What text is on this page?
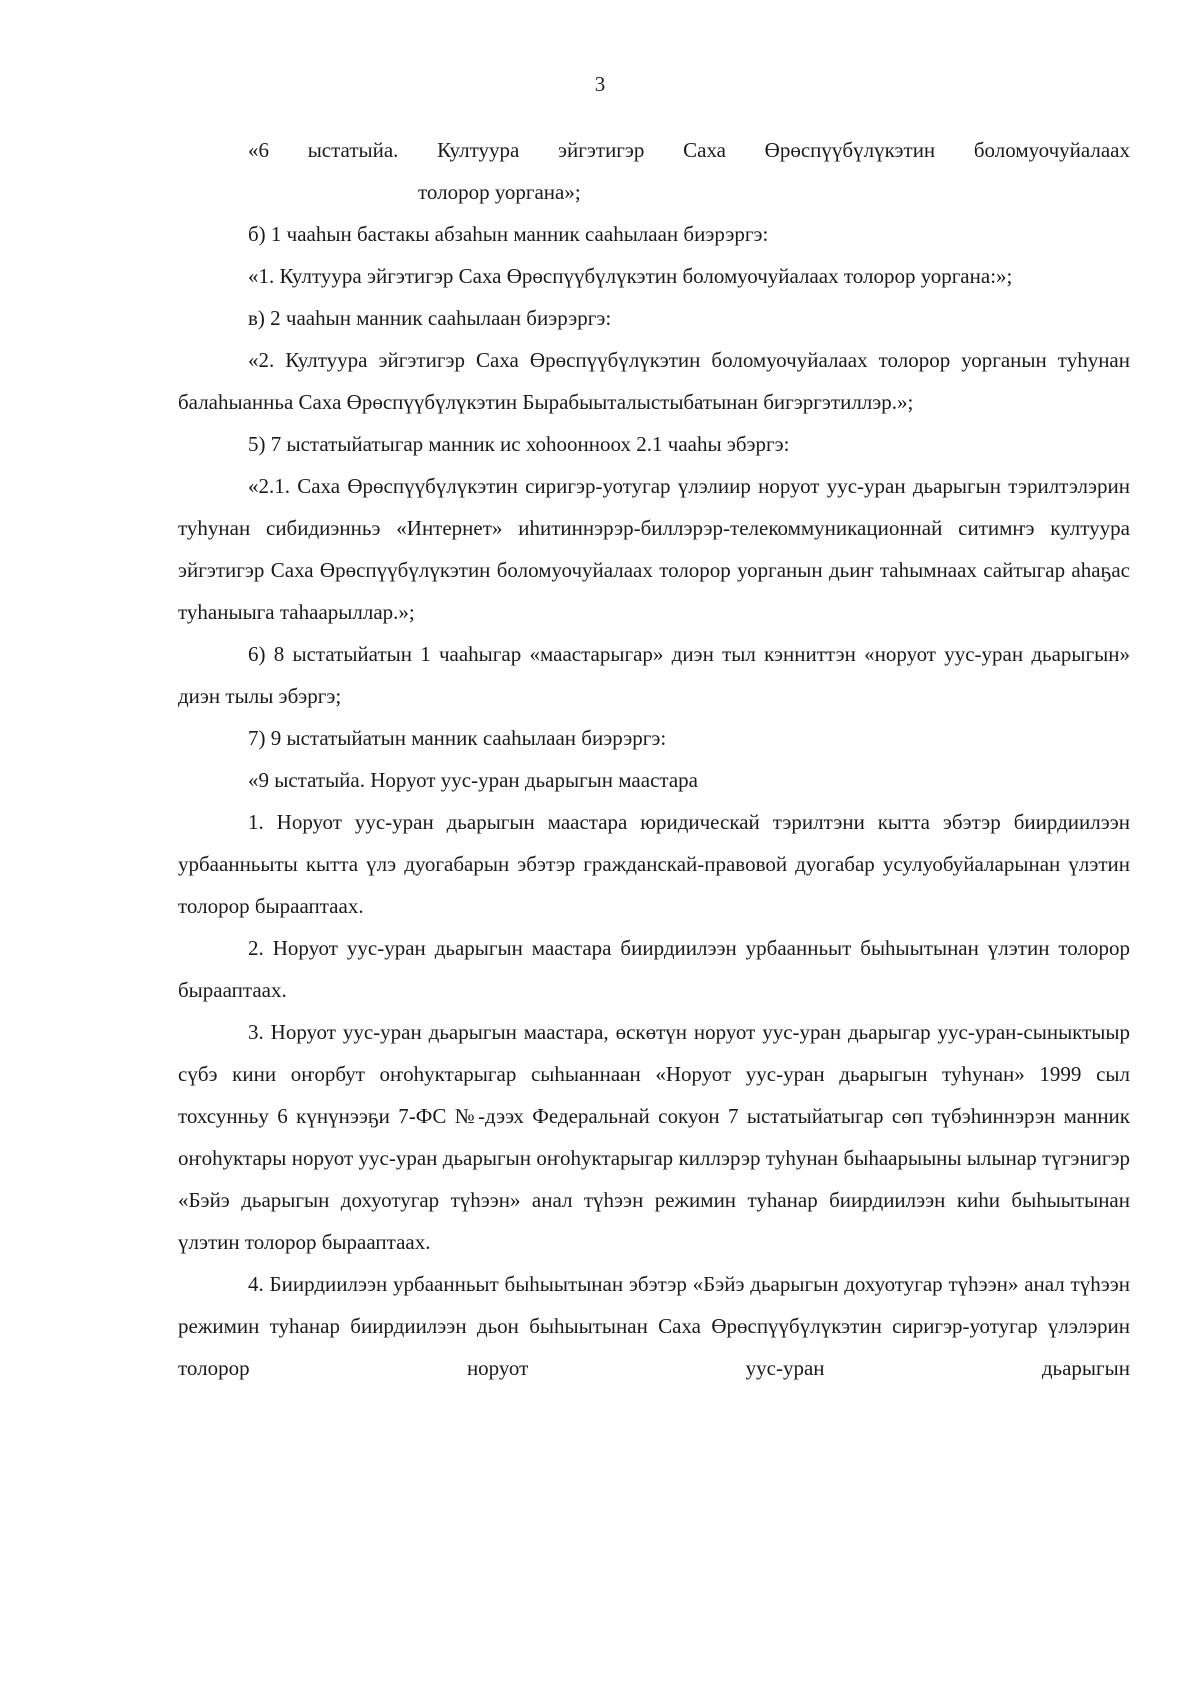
3

«6 ыстатыйа. Култуура эйгэтигэр Саха Өрөспүүбүлүкэтин боломуочуйалаах

толорор уоргана»;

б) 1 чааһын бастакы абзаһын манник сааһылаан биэрэргэ:

«1. Култуура эйгэтигэр Саха Өрөспүүбүлүкэтин боломуочуйалаах толорор уоргана:»;

в) 2 чааһын манник сааһылаан биэрэргэ:

«2. Култуура эйгэтигэр Саха Өрөспүүбүлүкэтин боломуочуйалаах толорор уорганын туһунан балаһыанньа Саха Өрөспүүбүлүкэтин Бырабыыталыстыбатынан бигэргэтиллэр.»;

5) 7 ыстатыйатыгар манник ис хоһоонноох 2.1 чааһы эбэргэ:

«2.1. Саха Өрөспүүбүлүкэтин сиригэр-уотугар үлэлиир норуот уус-уран дьарыгын тэрилтэлэрин туһунан сибидиэнньэ «Интернет» иһитиннэрэр-биллэрэр-телекоммуникационнай ситимҥэ култуура эйгэтигэр Саха Өрөспүүбүлүкэтин боломуочуйалаах толорор уорганын дьиҥ таһымнаах сайтыгар аһаҕас туһаныыга таһаарыллар.»;

6) 8 ыстатыйатын 1 чааһыгар «маастарыгар» диэн тыл кэнниттэн «норуот уус-уран дьарыгын» диэн тылы эбэргэ;

7) 9 ыстатыйатын манник сааһылаан биэрэргэ:

«9 ыстатыйа. Норуот уус-уран дьарыгын маастара

1. Норуот уус-уран дьарыгын маастара юридическай тэрилтэни кытта эбэтэр биирдиилээн урбаанньыты кытта үлэ дуогабарын эбэтэр гражданскай-правовой дуогабар усулуобуйаларынан үлэтин толорор бырааптаах.

2. Норуот уус-уран дьарыгын маастара биирдиилээн урбаанньыт быһыытынан үлэтин толорор бырааптаах.

3. Норуот уус-уран дьарыгын маастара, өскөтүн норуот уус-уран дьарыгар уус-уран-сыныктыыр сүбэ кини оҥорбут оҥоһуктарыгар сыһыаннаан «Норуот уус-уран дьарыгын туһунан» 1999 сыл тохсунньу 6 күнүнээҕи 7-ФС №-дээх Федеральнай сокуон 7 ыстатыйатыгар сөп түбэһиннэрэн манник оҥоһуктары норуот уус-уран дьарыгын оҥоһуктарыгар киллэрэр туһунан быһаарыыны ылынар түгэнигэр «Бэйэ дьарыгын дохуотугар түһээн» анал түһээн режимин туһанар биирдиилээн киһи быһыытынан үлэтин толорор бырааптаах.

4. Биирдиилээн урбаанньыт быһыытынан эбэтэр «Бэйэ дьарыгын дохуотугар түһээн» анал түһээн режимин туһанар биирдиилээн дьон быһыытынан Саха Өрөспүүбүлүкэтин сиригэр-уотугар үлэлэрин толорор норуот уус-уран дьарыгын
